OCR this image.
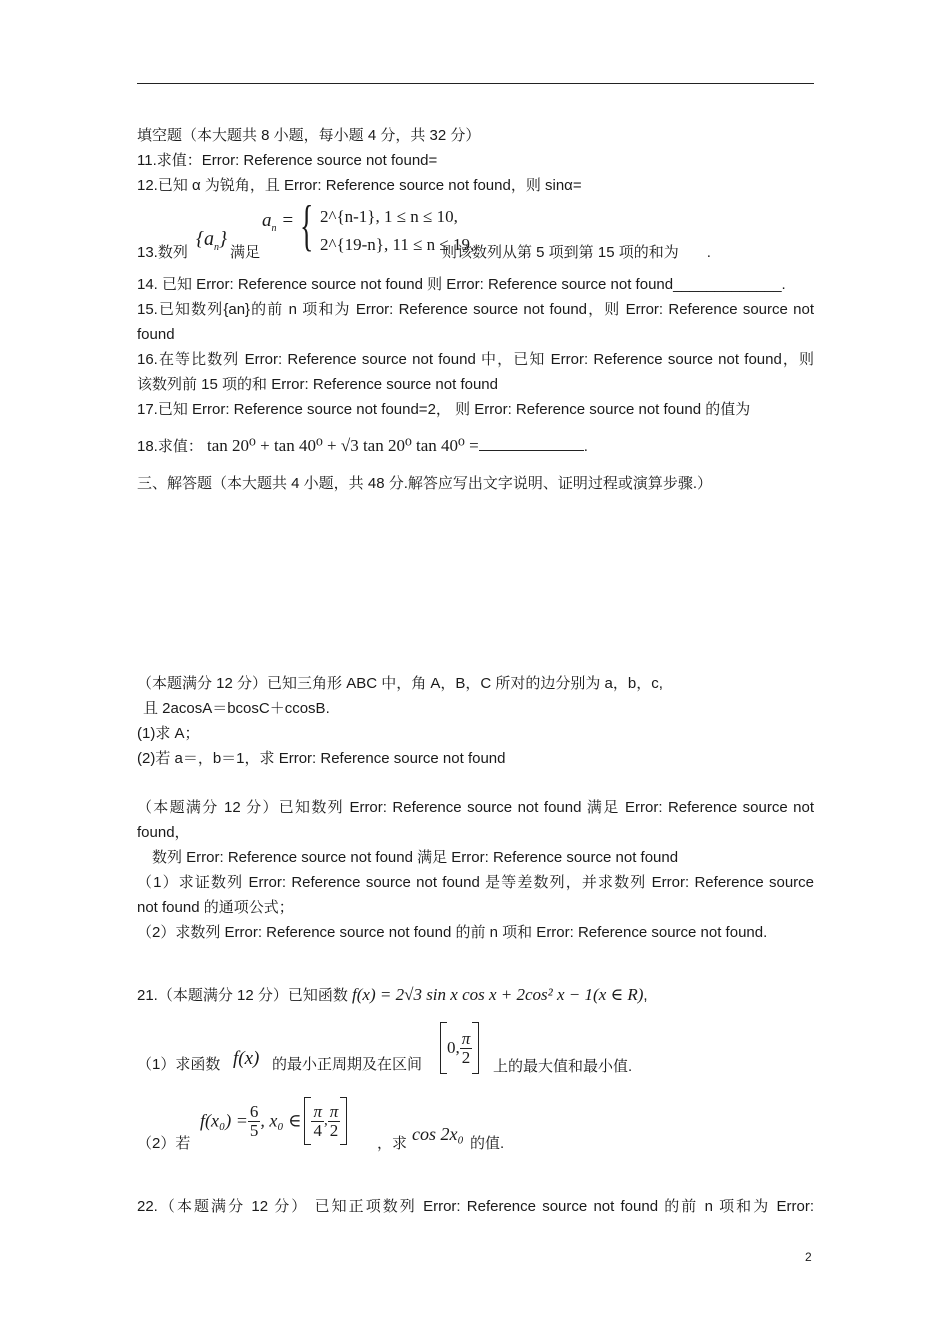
填空题（本大题共 8 小题，每小题 4 分，共 32 分）
11.求值：Error: Reference source not found=
12.已知 α 为锐角，且 Error: Reference source not found，则 sinα=
13.数列
$\{a_n\}$
满足
$a_n$ = { 2^{n-1}, 1 ≤ n ≤ 10,
2^{19-n}, 11 ≤ n ≤ 19,
则该数列从第 5 项到第 15 项的和为 .
14. 已知 Error: Reference source not found 则 Error: Reference source not found_____________.
15.已知数列{an}的前 n 项和为 Error: Reference source not found，则 Error: Reference source not
found
16.在等比数列 Error: Reference source not found 中，已知 Error: Reference source not found，则
该数列前 15 项的和 Error: Reference source not found
17.已知 Error: Reference source not found=2， 则 Error: Reference source not found 的值为
18.求值： tan 20⁰ + tan 40⁰ + √3 tan 20⁰ tan 40⁰ =	.
三、解答题（本大题共 4 小题，共 48 分.解答应写出文字说明、证明过程或演算步骤.）
（本题满分 12 分）已知三角形 ABC 中，角 A，B，C 所对的边分别为 a，b，c,
且 2acosA＝bcosC＋ccosB.
(1)求 A；
(2)若 a＝，b＝1，求 Error: Reference source not found
（本题满分 12 分）已知数列 Error: Reference source not found 满足 Error: Reference source not
found，
数列 Error: Reference source not found 满足 Error: Reference source not found
（1）求证数列 Error: Reference source not found 是等差数列，并求数列 Error: Reference source
not found 的通项公式；
（2）求数列 Error: Reference source not found 的前 n 项和 Error: Reference source not found.
21.（本题满分 12 分）已知函数 f(x) = 2√3 sin x cos x + 2cos² x − 1(x ∈ R),
（1）求函数 f(x) 的最小正周期及在区间
0, $\frac{\pi}{2}$ 上的最大值和最小值.
（2）若
$f(x_0) = \frac{6}{5}$ , x₀ ∈ $\frac{\pi}{4}$ , $\frac{\pi}{2}$
，求 cos 2x₀ 的值.
22.（本题满分 12 分） 已知正项数列 Error: Reference source not found 的前 n 项和为 Error:
2
